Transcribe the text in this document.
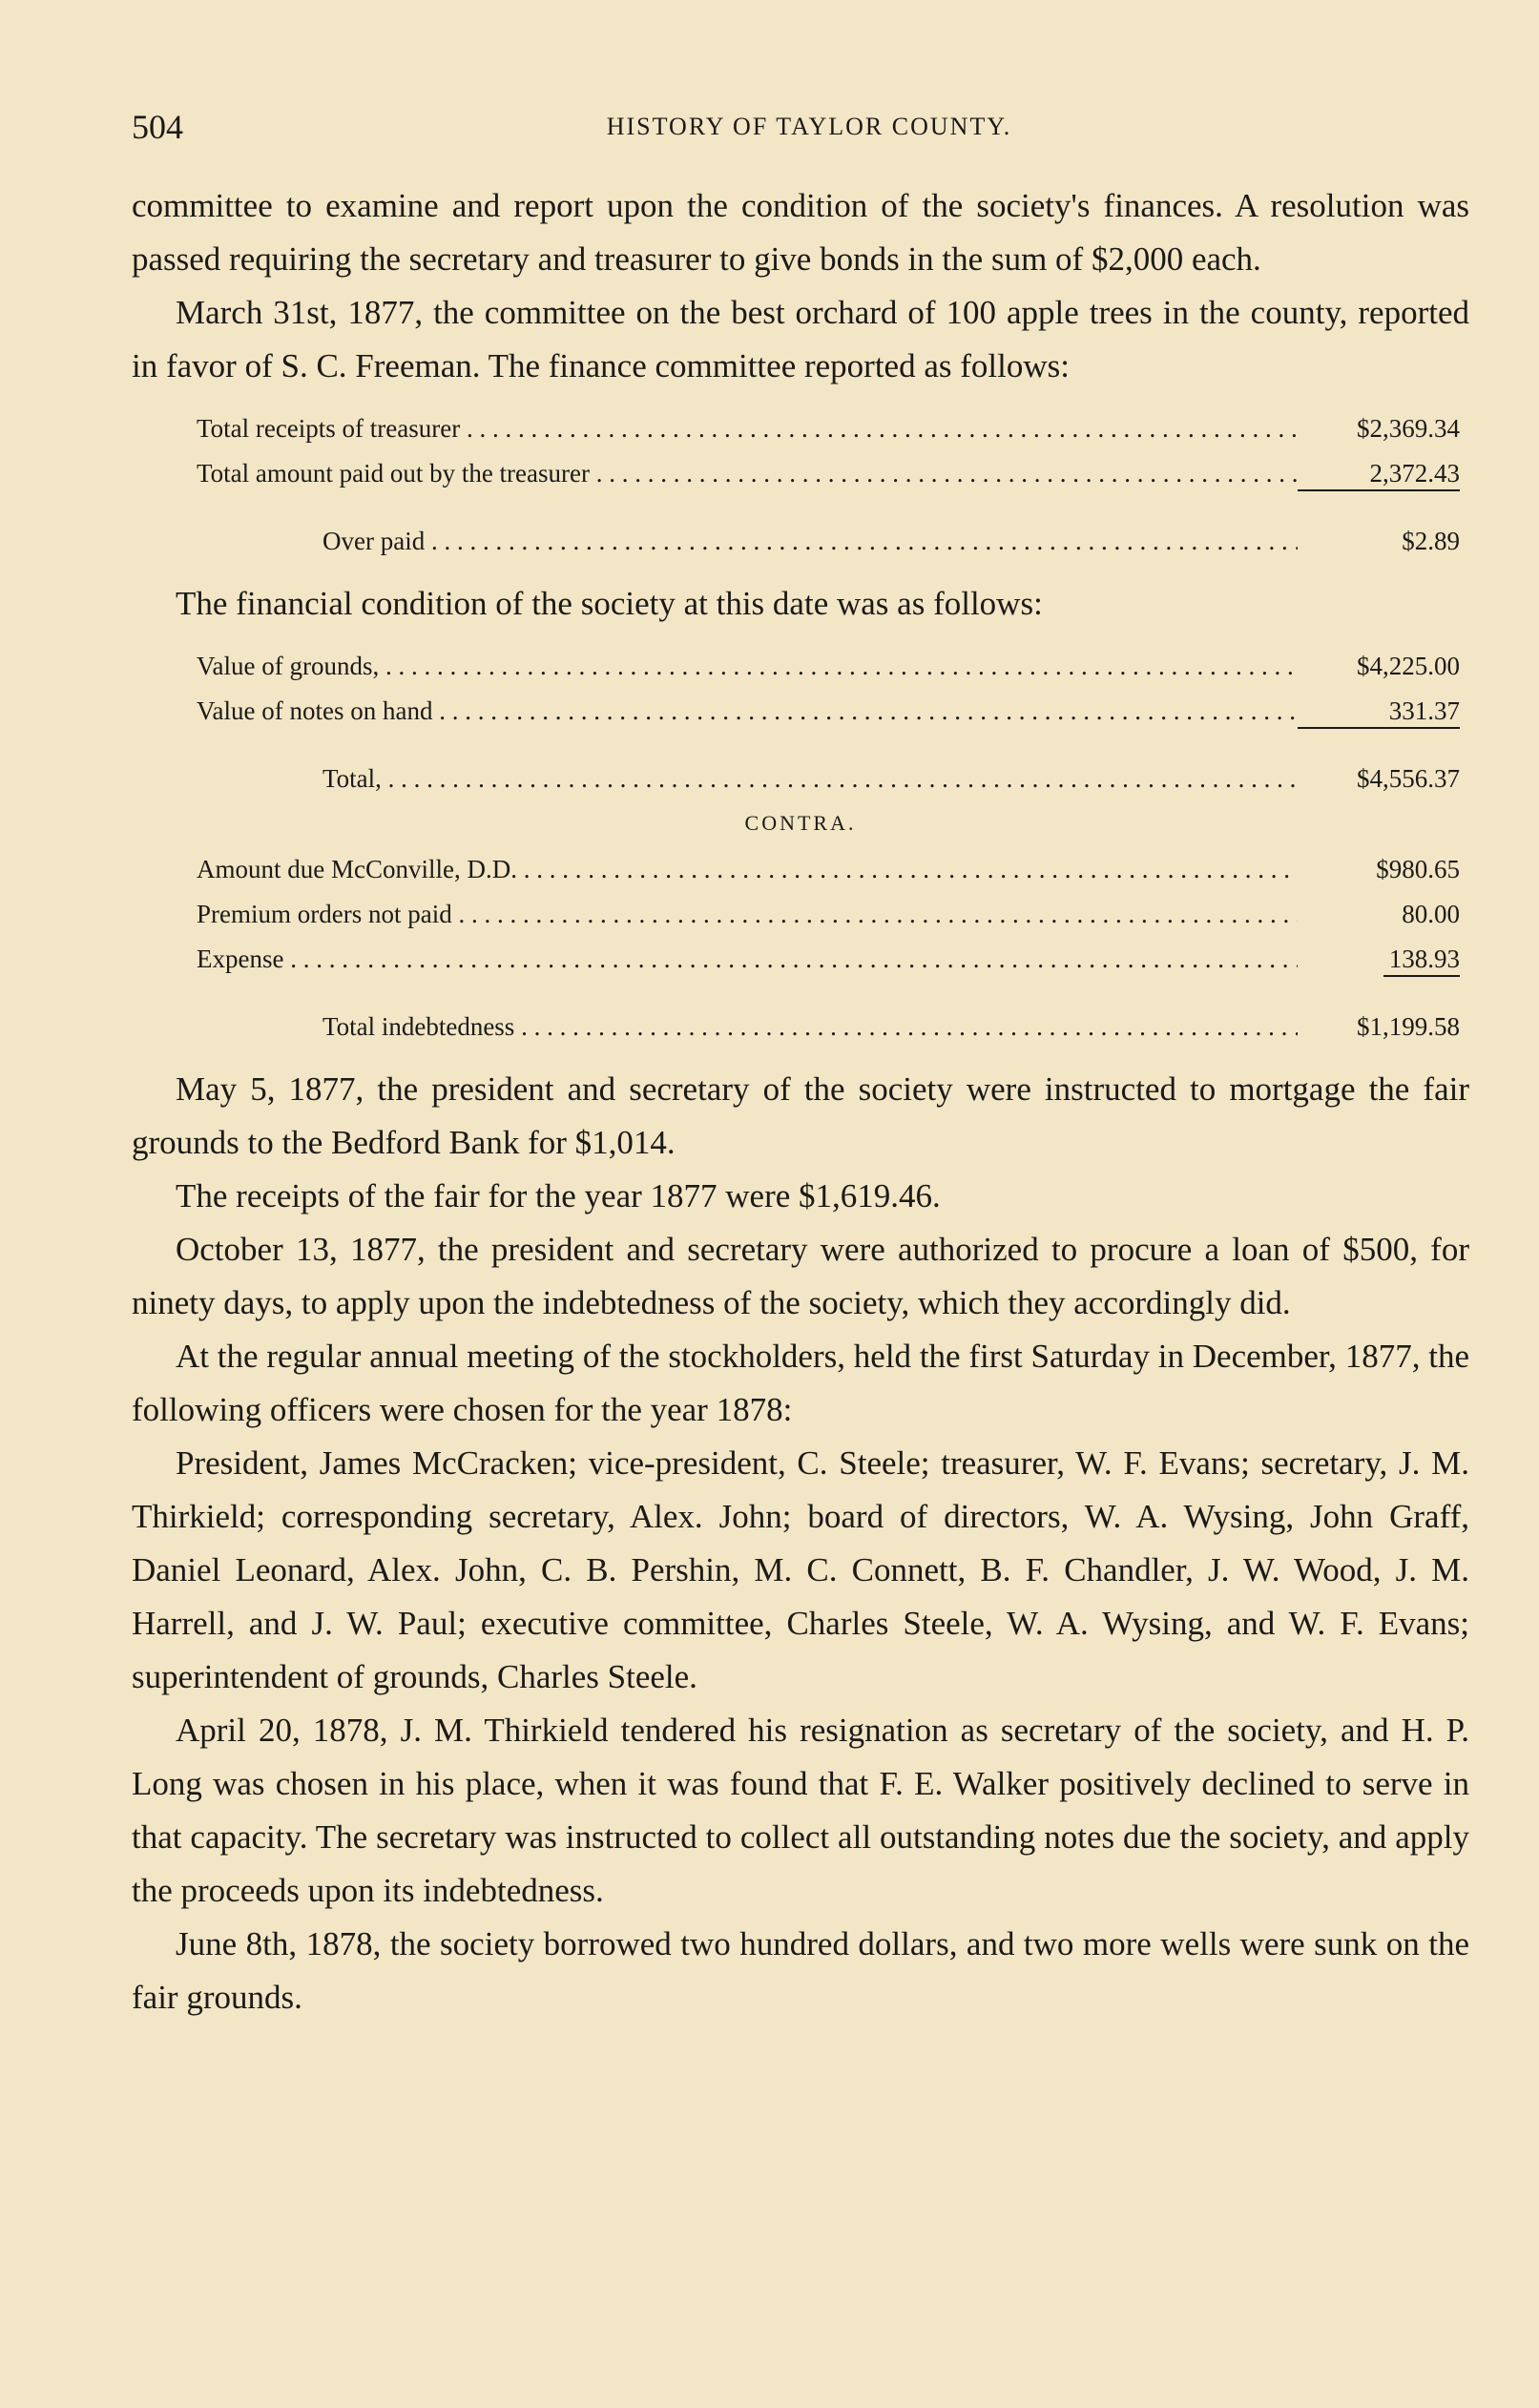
504	HISTORY OF TAYLOR COUNTY.

committee to examine and report upon the condition of the society's finances. A resolution was passed requiring the secretary and treasurer to give bonds in the sum of $2,000 each.

March 31st, 1877, the committee on the best orchard of 100 apple trees in the county, reported in favor of S. C. Freeman. The finance committee reported as follows:

Total receipts of treasurer . . .	$2,369.34
Total amount paid out by the treasurer . . .	2,372.43
Over paid . . .	$2.89

The financial condition of the society at this date was as follows:

Value of grounds, . . .	$4,225.00
Value of notes on hand . . .	331.37
Total, . . .	$4,556.37
CONTRA.
Amount due McConville, D.D. . . .	$980.65
Premium orders not paid . . .	80.00
Expense . . .	138.93
Total indebtedness . . .	$1,199.58

May 5, 1877, the president and secretary of the society were instructed to mortgage the fair grounds to the Bedford Bank for $1,014.

The receipts of the fair for the year 1877 were $1,619.46.

October 13, 1877, the president and secretary were authorized to procure a loan of $500, for ninety days, to apply upon the indebtedness of the society, which they accordingly did.

At the regular annual meeting of the stockholders, held the first Saturday in December, 1877, the following officers were chosen for the year 1878:

President, James McCracken; vice-president, C. Steele; treasurer, W. F. Evans; secretary, J. M. Thirkield; corresponding secretary, Alex. John; board of directors, W. A. Wysing, John Graff, Daniel Leonard, Alex. John, C. B. Pershin, M. C. Connett, B. F. Chandler, J. W. Wood, J. M. Harrell, and J. W. Paul; executive committee, Charles Steele, W. A. Wysing, and W. F. Evans; superintendent of grounds, Charles Steele.

April 20, 1878, J. M. Thirkield tendered his resignation as secretary of the society, and H. P. Long was chosen in his place, when it was found that F. E. Walker positively declined to serve in that capacity. The secretary was instructed to collect all outstanding notes due the society, and apply the proceeds upon its indebtedness.

June 8th, 1878, the society borrowed two hundred dollars, and two more wells were sunk on the fair grounds.
